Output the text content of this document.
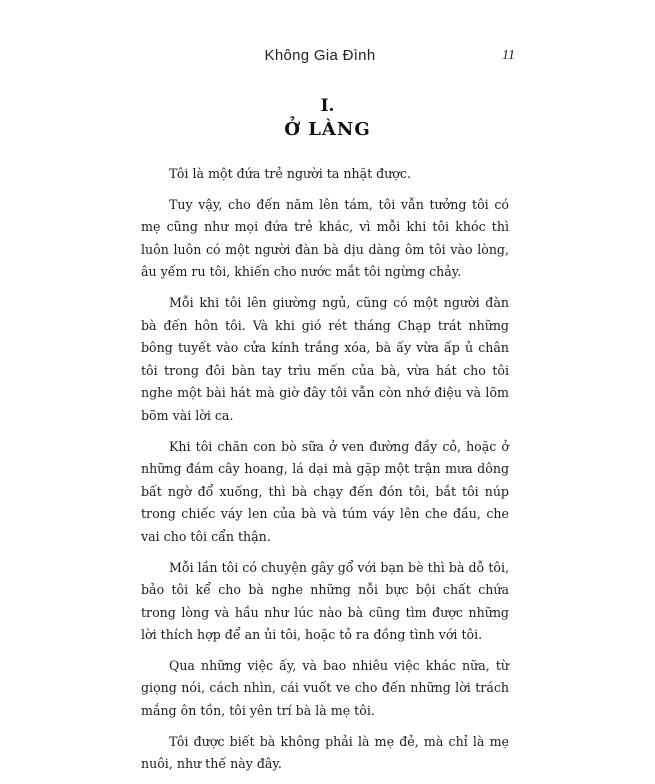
Không Gia Đình	11
I.
Ở LÀNG

Tôi là một đứa trẻ người ta nhặt được.

Tuy vậy, cho đến năm lên tám, tôi vẫn tưởng tôi có mẹ cũng như mọi đứa trẻ khác, vì mỗi khi tôi khóc thì luôn luôn có một người đàn bà dịu dàng ôm tôi vào lòng, âu yếm ru tôi, khiến cho nước mắt tôi ngừng chảy.

Mỗi khi tôi lên giường ngủ, cũng có một người đàn bà đến hôn tôi. Và khi gió rét tháng Chạp trát những bông tuyết vào cửa kính trắng xóa, bà ấy vừa ấp ủ chân tôi trong đôi bàn tay trìu mến của bà, vừa hát cho tôi nghe một bài hát mà giờ đây tôi vẫn còn nhớ điệu và lõm bõm vài lời ca.

Khi tôi chăn con bò sữa ở ven đường đầy cỏ, hoặc ở những đám cây hoang, lá dại mà gặp một trận mưa dông bất ngờ đổ xuống, thì bà chạy đến đón tôi, bắt tôi núp trong chiếc váy len của bà và túm váy lên che đầu, che vai cho tôi cẩn thận.

Mỗi lần tôi có chuyện gây gổ với bạn bè thì bà dỗ tôi, bảo tôi kể cho bà nghe những nỗi bực bội chất chứa trong lòng và hầu như lúc nào bà cũng tìm được những lời thích hợp để an ủi tôi, hoặc tỏ ra đồng tình với tôi.

Qua những việc ấy, và bao nhiêu việc khác nữa, từ giọng nói, cách nhìn, cái vuốt ve cho đến những lời trách mắng ôn tồn, tôi yên trí bà là mẹ tôi.

Tôi được biết bà không phải là mẹ đẻ, mà chỉ là mẹ nuôi, như thế này đây.
